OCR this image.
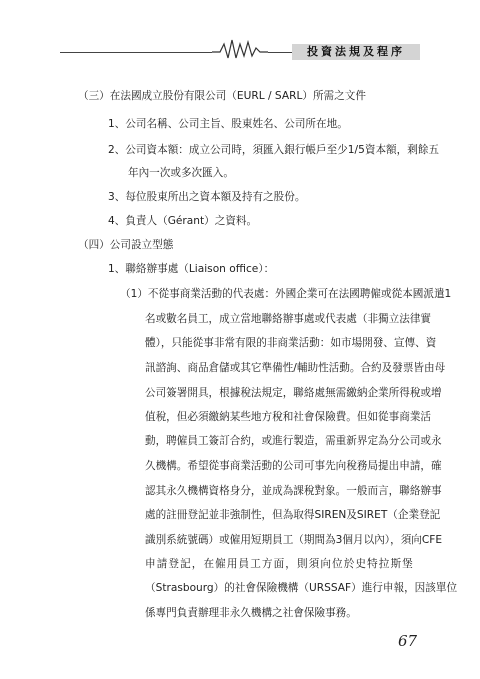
投資法規及程序
（三）在法國成立股份有限公司（EURL / SARL）所需之文件
1、公司名稱、公司主旨、股東姓名、公司所在地。
2、公司資本額：成立公司時，須匯入銀行帳戶至少1/5資本額，剩餘五
年內一次或多次匯入。
3、每位股東所出之資本額及持有之股份。
4、負責人（Gérant）之資料。
（四）公司設立型態
1、聯絡辦事處（Liaison office）：
（1）不從事商業活動的代表處：外國企業可在法國聘僱或從本國派遣1
名或數名員工，成立當地聯絡辦事處或代表處（非獨立法律實
體），只能從事非常有限的非商業活動：如市場開發、宣傳、資
訊諮詢、商品倉儲或其它準備性/輔助性活動。合約及發票皆由母
公司簽署開具，根據稅法規定，聯絡處無需繳納企業所得稅或增
值稅，但必須繳納某些地方稅和社會保險費。但如從事商業活
動，聘僱員工簽訂合約，或進行製造，需重新界定為分公司或永
久機構。希望從事商業活動的公司可事先向稅務局提出申請，確
認其永久機構資格身分，並成為課稅對象。一般而言，聯絡辦事
處的註冊登記並非強制性，但為取得SIREN及SIRET（企業登記
識別系統號碼）或僱用短期員工（期間為3個月以內），須向CFE
申 請 登 記 ， 在 僱 用 員 工 方 面 ， 則 須 向 位 於 史 特 拉 斯 堡
（Strasbourg）的社會保險機構（URSSAF）進行申報，因該單位
係專門負責辦理非永久機構之社會保險事務。
67
